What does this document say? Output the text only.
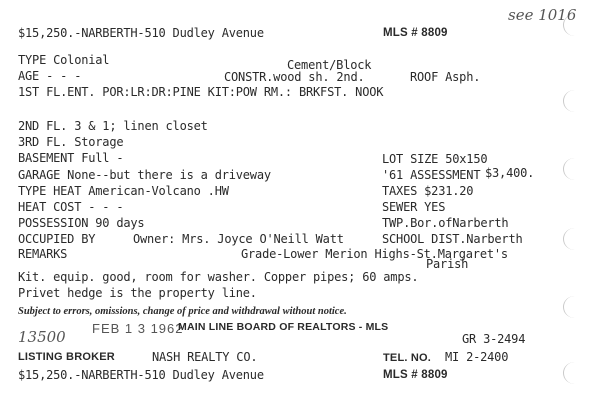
$15,250.-NARBERTH-510 Dudley Avenue	MLS # 8809
see 1016
TYPE Colonial
AGE - - -
Cement/Block
CONSTR.wood sh. 2nd.	ROOF Asph.
1ST FL.ENT. POR:LR:DR:PINE KIT:POW RM.: BRKFST. NOOK
2ND FL. 3 & 1; linen closet
3RD FL. Storage
BASEMENT Full -
GARAGE None--but there is a driveway
TYPE HEAT American-Volcano .HW
HEAT COST - - -
POSSESSION 90 days
OCCUPIED BY	Owner: Mrs. Joyce O'Neill Watt
REMARKS
LOT SIZE 50x150
'61 ASSESSMENT $3,400.
TAXES $231.20
SEWER YES
TWP.Bor.ofNarberth
SCHOOL DIST.Narberth
Grade-Lower Merion Highs-St.Margaret's
Parish
Kit. equip. good, room for washer. Copper pipes; 60 amps.
Privet hedge is the property line.
Subject to errors, omissions, change of price and withdrawal without notice.
13500 FEB 1 3 1962
MAIN LINE BOARD OF REALTORS - MLS
GR 3-2494
LISTING BROKER	NASH REALTY CO.	TEL. NO. MI 2-2400
$15,250.-NARBERTH-510 Dudley Avenue	MLS # 8809
